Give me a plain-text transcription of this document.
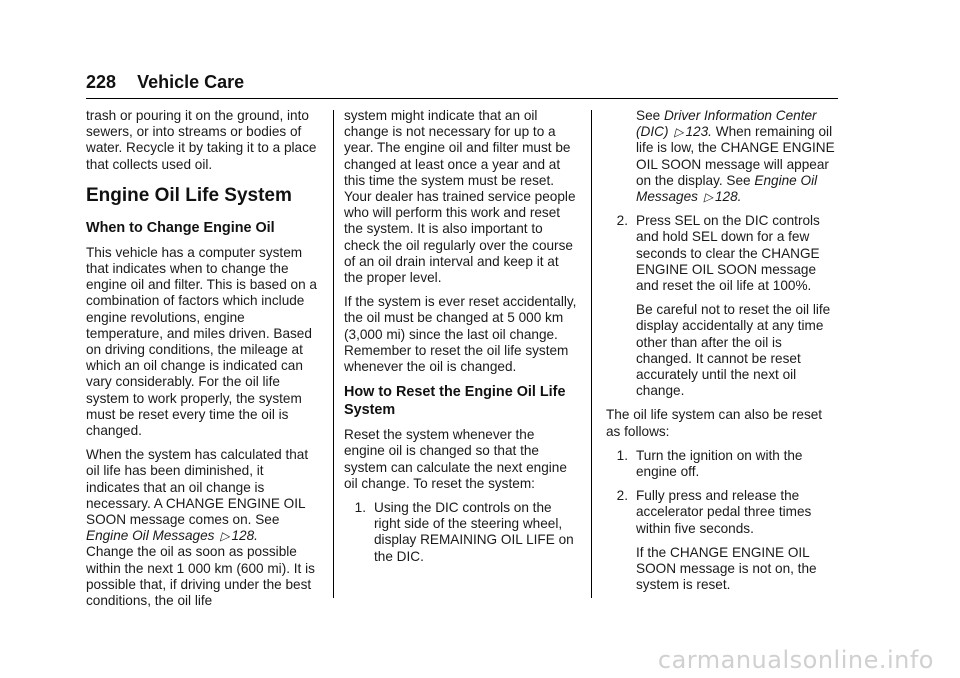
228 Vehicle Care

trash or pouring it on the ground, into sewers, or into streams or bodies of water. Recycle it by taking it to a place that collects used oil.

Engine Oil Life System
When to Change Engine Oil

This vehicle has a computer system that indicates when to change the engine oil and filter. This is based on a combination of factors which include engine revolutions, engine temperature, and miles driven. Based on driving conditions, the mileage at which an oil change is indicated can vary considerably. For the oil life system to work properly, the system must be reset every time the oil is changed.

When the system has calculated that oil life has been diminished, it indicates that an oil change is necessary. A CHANGE ENGINE OIL SOON message comes on. See Engine Oil Messages ▷ 128.

Change the oil as soon as possible within the next 1 000 km (600 mi). It is possible that, if driving under the best conditions, the oil life

system might indicate that an oil change is not necessary for up to a year. The engine oil and filter must be changed at least once a year and at this time the system must be reset. Your dealer has trained service people who will perform this work and reset the system. It is also important to check the oil regularly over the course of an oil drain interval and keep it at the proper level.

If the system is ever reset accidentally, the oil must be changed at 5 000 km (3,000 mi) since the last oil change. Remember to reset the oil life system whenever the oil is changed.

How to Reset the Engine Oil Life System

Reset the system whenever the engine oil is changed so that the system can calculate the next engine oil change. To reset the system:

1. Using the DIC controls on the right side of the steering wheel, display REMAINING OIL LIFE on the DIC.
See Driver Information Center (DIC) ▷ 123. When remaining oil life is low, the CHANGE ENGINE OIL SOON message will appear on the display. See Engine Oil Messages ▷ 128.
2. Press SEL on the DIC controls and hold SEL down for a few seconds to clear the CHANGE ENGINE OIL SOON message and reset the oil life at 100%.

Be careful not to reset the oil life display accidentally at any time other than after the oil is changed. It cannot be reset accurately until the next oil change.

The oil life system can also be reset as follows:

1. Turn the ignition on with the engine off.
2. Fully press and release the accelerator pedal three times within five seconds.

If the CHANGE ENGINE OIL SOON message is not on, the system is reset.

carmanualsonline.info
